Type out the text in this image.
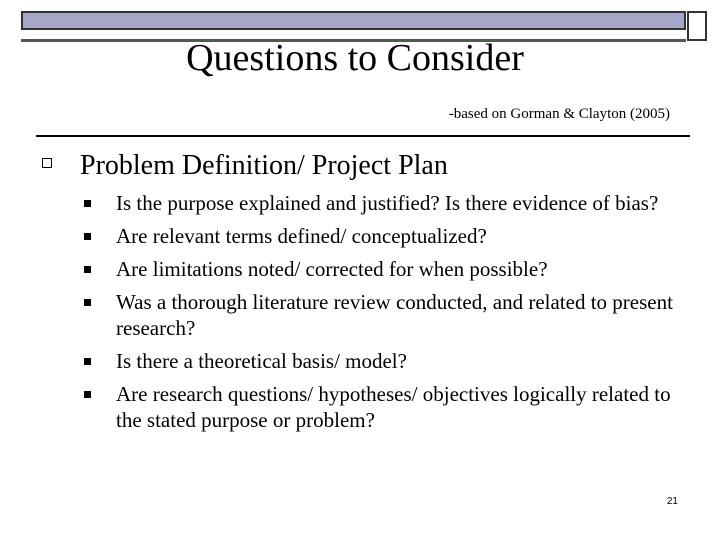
Questions to Consider
-based on Gorman & Clayton (2005)
Problem Definition/ Project Plan
Is the purpose explained and justified? Is there evidence of bias?
Are relevant terms defined/ conceptualized?
Are limitations noted/ corrected for when possible?
Was a thorough literature review conducted, and related to present research?
Is there a theoretical basis/ model?
Are research questions/ hypotheses/ objectives logically related to the stated purpose or problem?
21
